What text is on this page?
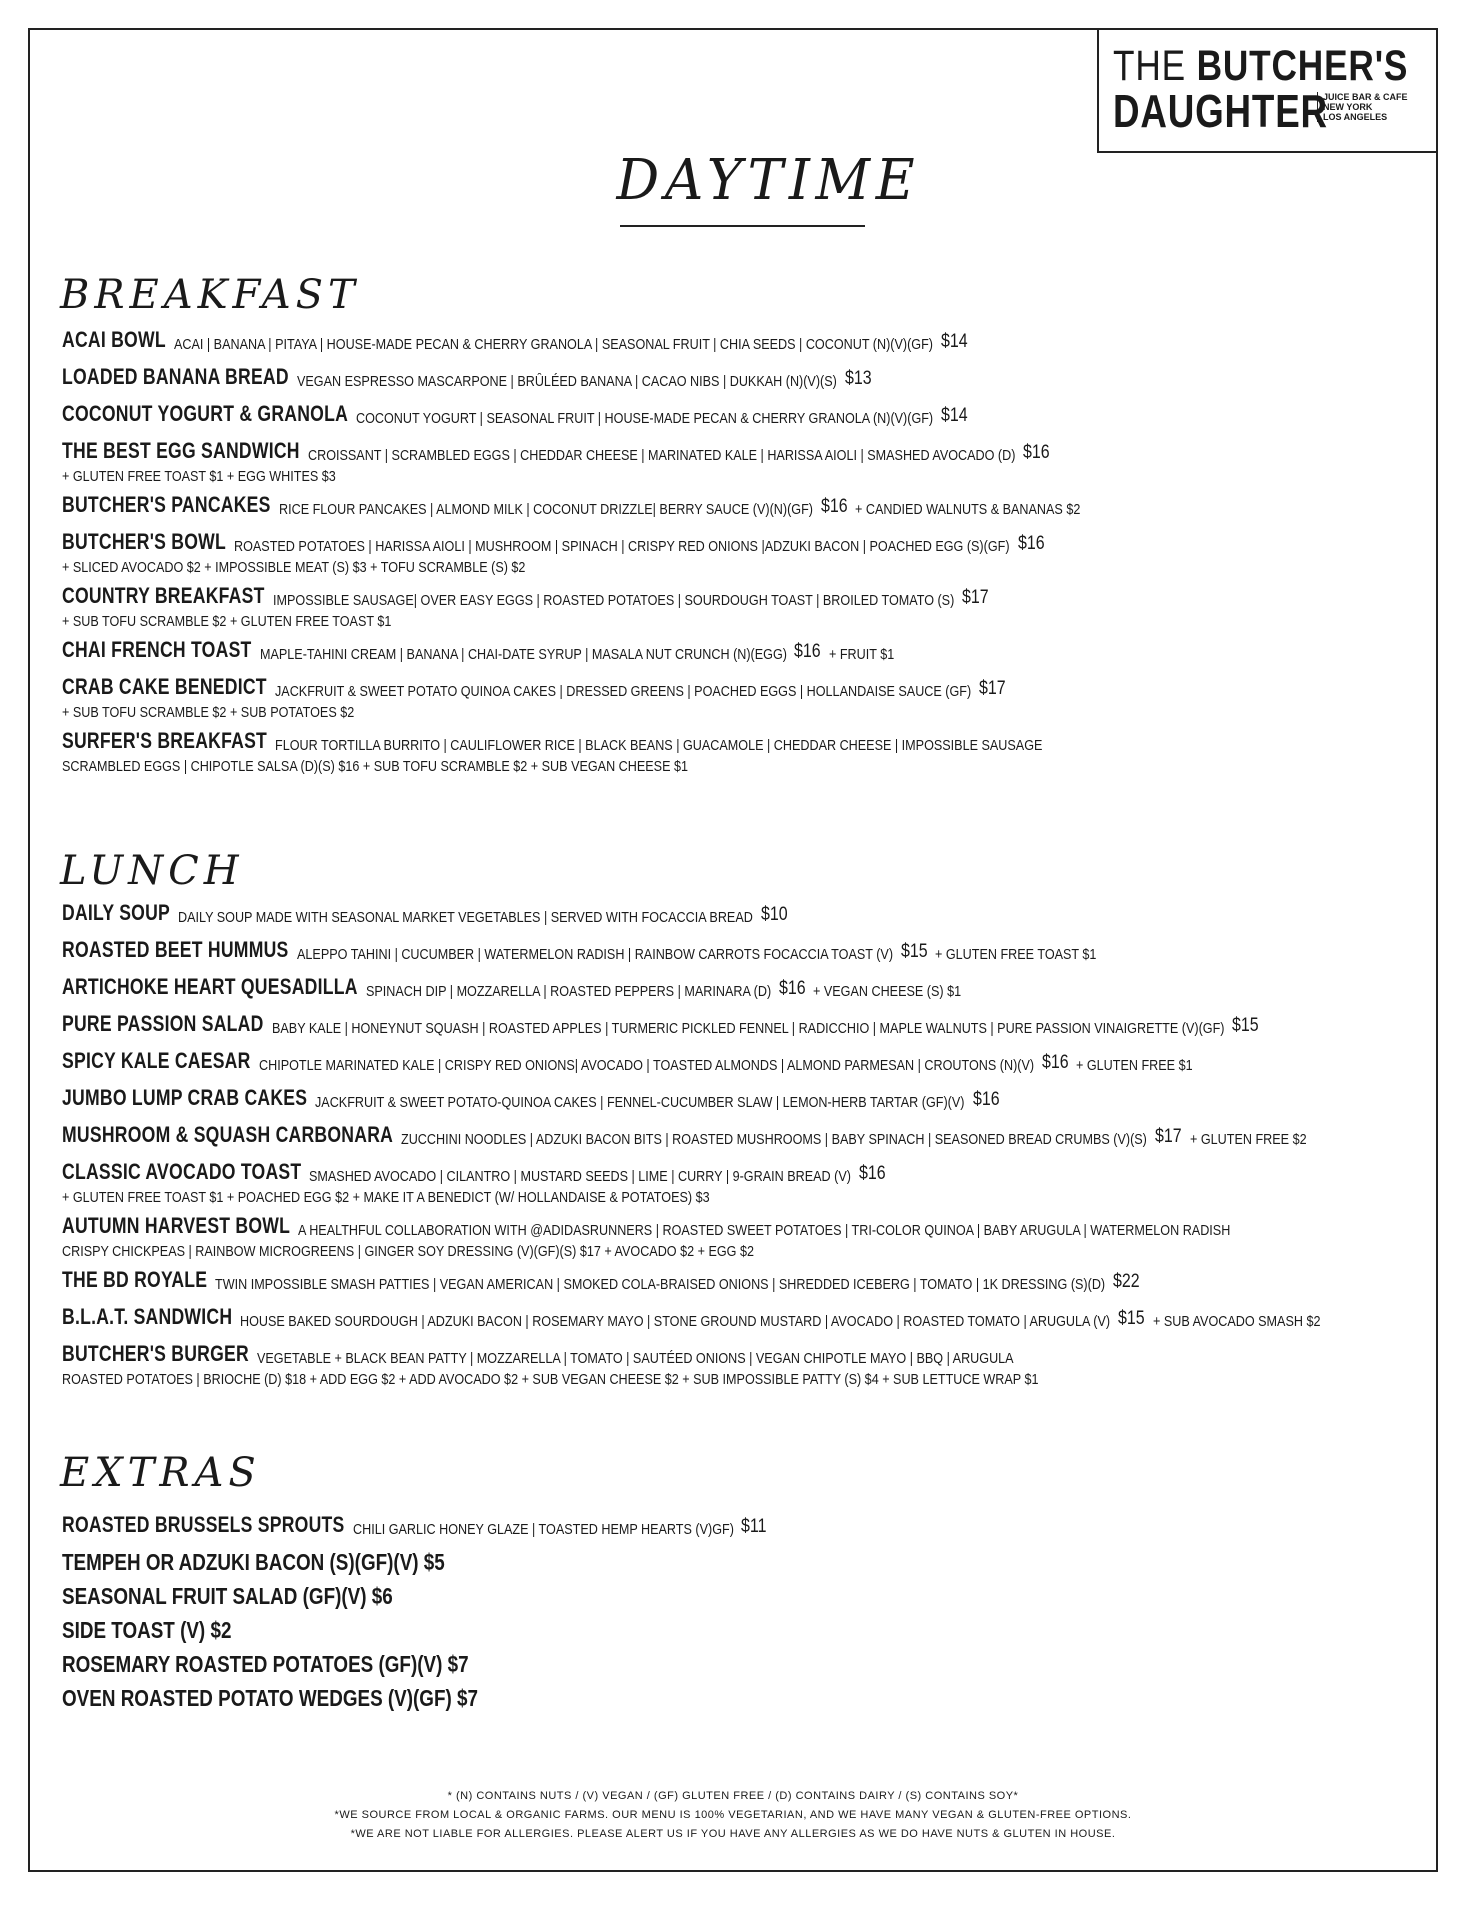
THE BUTCHER'S
DAUGHTER
JUICE BAR & CAFE
NEW YORK
LOS ANGELES
DAYTIME
BREAKFAST
ACAI BOWL ACAI | BANANA | PITAYA | HOUSE-MADE PECAN & CHERRY GRANOLA | SEASONAL FRUIT | CHIA SEEDS | COCONUT (N)(V)(GF) $14
LOADED BANANA BREAD VEGAN ESPRESSO MASCARPONE | BRÛLÉED BANANA | CACAO NIBS | DUKKAH (N)(V)(S) $13
COCONUT YOGURT & GRANOLA COCONUT YOGURT | SEASONAL FRUIT | HOUSE-MADE PECAN & CHERRY GRANOLA (N)(V)(GF) $14
THE BEST EGG SANDWICH CROISSANT | SCRAMBLED EGGS | CHEDDAR CHEESE | MARINATED KALE | HARISSA AIOLI | SMASHED AVOCADO (D) $16
+ GLUTEN FREE TOAST $1 + EGG WHITES $3
BUTCHER'S PANCAKES RICE FLOUR PANCAKES | ALMOND MILK | COCONUT DRIZZLE| BERRY SAUCE (V)(N)(GF) $16 + CANDIED WALNUTS & BANANAS $2
BUTCHER'S BOWL ROASTED POTATOES | HARISSA AIOLI | MUSHROOM | SPINACH | CRISPY RED ONIONS |ADZUKI BACON | POACHED EGG (S)(GF) $16
+ SLICED AVOCADO $2 + IMPOSSIBLE MEAT (S) $3 + TOFU SCRAMBLE (S) $2
COUNTRY BREAKFAST IMPOSSIBLE SAUSAGE| OVER EASY EGGS | ROASTED POTATOES | SOURDOUGH TOAST | BROILED TOMATO (S) $17
+ SUB TOFU SCRAMBLE $2 + GLUTEN FREE TOAST $1
CHAI FRENCH TOAST MAPLE-TAHINI CREAM | BANANA | CHAI-DATE SYRUP | MASALA NUT CRUNCH (N)(EGG) $16 + FRUIT $1
CRAB CAKE BENEDICT JACKFRUIT & SWEET POTATO QUINOA CAKES | DRESSED GREENS | POACHED EGGS | HOLLANDAISE SAUCE (GF) $17
+ SUB TOFU SCRAMBLE $2 + SUB POTATOES $2
SURFER'S BREAKFAST FLOUR TORTILLA BURRITO | CAULIFLOWER RICE | BLACK BEANS | GUACAMOLE | CHEDDAR CHEESE | IMPOSSIBLE SAUSAGE
SCRAMBLED EGGS | CHIPOTLE SALSA (D)(S) $16 + SUB TOFU SCRAMBLE $2 + SUB VEGAN CHEESE $1
LUNCH
DAILY SOUP DAILY SOUP MADE WITH SEASONAL MARKET VEGETABLES | SERVED WITH FOCACCIA BREAD $10
ROASTED BEET HUMMUS ALEPPO TAHINI | CUCUMBER | WATERMELON RADISH | RAINBOW CARROTS FOCACCIA TOAST (V) $15 + GLUTEN FREE TOAST $1
ARTICHOKE HEART QUESADILLA SPINACH DIP | MOZZARELLA | ROASTED PEPPERS | MARINARA (D) $16 + VEGAN CHEESE (S) $1
PURE PASSION SALAD BABY KALE | HONEYNUT SQUASH | ROASTED APPLES | TURMERIC PICKLED FENNEL | RADICCHIO | MAPLE WALNUTS | PURE PASSION VINAIGRETTE (V)(GF) $15
SPICY KALE CAESAR CHIPOTLE MARINATED KALE | CRISPY RED ONIONS| AVOCADO | TOASTED ALMONDS | ALMOND PARMESAN | CROUTONS (N)(V) $16 + GLUTEN FREE $1
JUMBO LUMP CRAB CAKES JACKFRUIT & SWEET POTATO-QUINOA CAKES | FENNEL-CUCUMBER SLAW | LEMON-HERB TARTAR (GF)(V) $16
MUSHROOM & SQUASH CARBONARA ZUCCHINI NOODLES | ADZUKI BACON BITS | ROASTED MUSHROOMS | BABY SPINACH | SEASONED BREAD CRUMBS (V)(S) $17 + GLUTEN FREE $2
CLASSIC AVOCADO TOAST SMASHED AVOCADO | CILANTRO | MUSTARD SEEDS | LIME | CURRY | 9-GRAIN BREAD (V) $16
+ GLUTEN FREE TOAST $1 + POACHED EGG $2 + MAKE IT A BENEDICT (W/ HOLLANDAISE & POTATOES) $3
AUTUMN HARVEST BOWL A HEALTHFUL COLLABORATION WITH @ADIDASRUNNERS | ROASTED SWEET POTATOES | TRI-COLOR QUINOA | BABY ARUGULA | WATERMELON RADISH
CRISPY CHICKPEAS | RAINBOW MICROGREENS | GINGER SOY DRESSING (V)(GF)(S) $17 + AVOCADO $2 + EGG $2
THE BD ROYALE TWIN IMPOSSIBLE SMASH PATTIES | VEGAN AMERICAN | SMOKED COLA-BRAISED ONIONS | SHREDDED ICEBERG | TOMATO | 1K DRESSING (S)(D) $22
B.L.A.T. SANDWICH HOUSE BAKED SOURDOUGH | ADZUKI BACON | ROSEMARY MAYO | STONE GROUND MUSTARD | AVOCADO | ROASTED TOMATO | ARUGULA (V) $15 + SUB AVOCADO SMASH $2
BUTCHER'S BURGER VEGETABLE + BLACK BEAN PATTY | MOZZARELLA | TOMATO | SAUTÉED ONIONS | VEGAN CHIPOTLE MAYO | BBQ | ARUGULA
ROASTED POTATOES | BRIOCHE (D) $18 + ADD EGG $2 + ADD AVOCADO $2 + SUB VEGAN CHEESE $2 + SUB IMPOSSIBLE PATTY (S) $4 + SUB LETTUCE WRAP $1
EXTRAS
ROASTED BRUSSELS SPROUTS CHILI GARLIC HONEY GLAZE | TOASTED HEMP HEARTS (V)GF) $11
TEMPEH OR ADZUKI BACON (S)(GF)(V) $5
SEASONAL FRUIT SALAD (GF)(V) $6
SIDE TOAST (V) $2
ROSEMARY ROASTED POTATOES (GF)(V) $7
OVEN ROASTED POTATO WEDGES (V)(GF) $7
* (N) CONTAINS NUTS / (V) VEGAN / (GF) GLUTEN FREE / (D) CONTAINS DAIRY / (S) CONTAINS SOY*
*WE SOURCE FROM LOCAL & ORGANIC FARMS. OUR MENU IS 100% VEGETARIAN, AND WE HAVE MANY VEGAN & GLUTEN-FREE OPTIONS.
*WE ARE NOT LIABLE FOR ALLERGIES. PLEASE ALERT US IF YOU HAVE ANY ALLERGIES AS WE DO HAVE NUTS & GLUTEN IN HOUSE.
